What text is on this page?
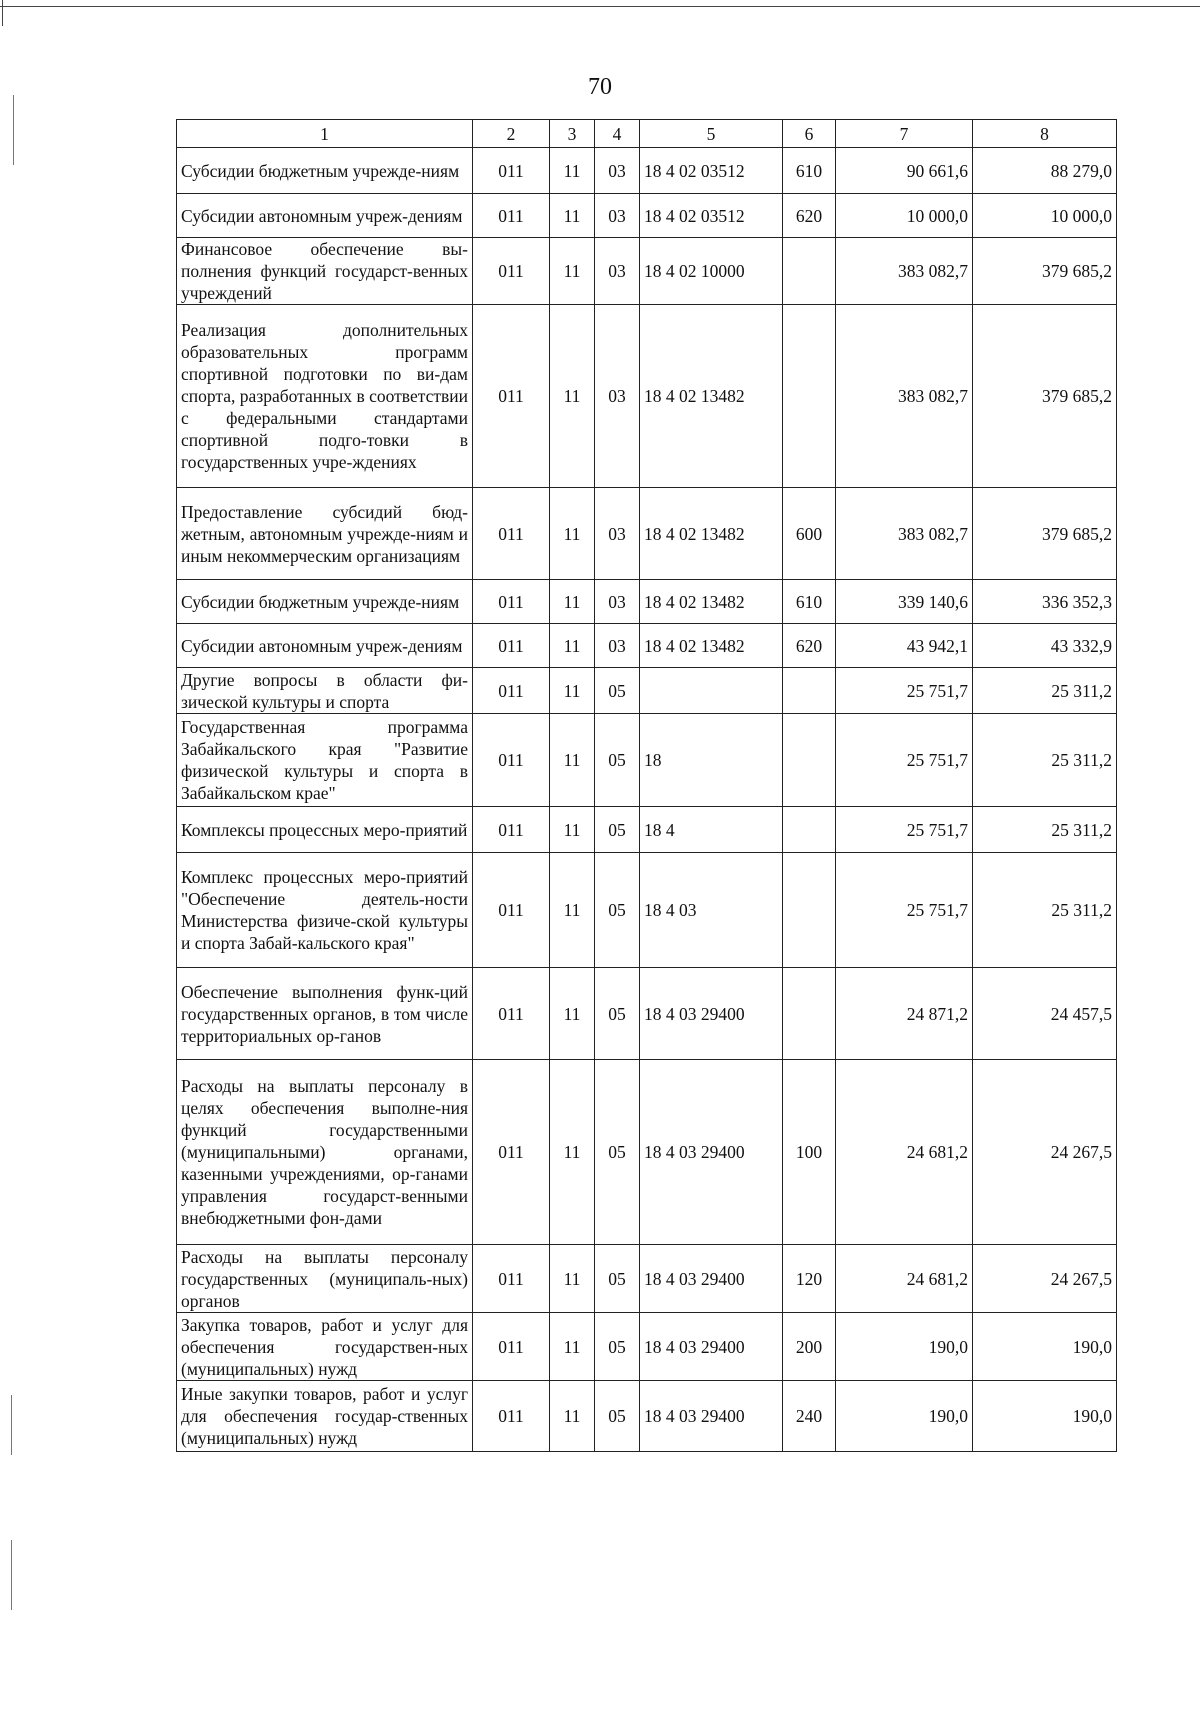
70
1	2	3	4	5	6	7	8
Субсидии бюджетным учрежде-ниям	011	11	03	18 4 02 03512	610	90 661,6	88 279,0
Субсидии автономным учреж-дениям	011	11	03	18 4 02 03512	620	10 000,0	10 000,0
Финансовое обеспечение вы-полнения функций государст-венных учреждений	011	11	03	18 4 02 10000		383 082,7	379 685,2
Реализация дополнительных образовательных программ спортивной подготовки по ви-дам спорта, разработанных в соответствии с федеральными стандартами спортивной подго-товки в государственных учре-ждениях	011	11	03	18 4 02 13482		383 082,7	379 685,2
Предоставление субсидий бюд-жетным, автономным учрежде-ниям и иным некоммерческим организациям	011	11	03	18 4 02 13482	600	383 082,7	379 685,2
Субсидии бюджетным учрежде-ниям	011	11	03	18 4 02 13482	610	339 140,6	336 352,3
Субсидии автономным учреж-дениям	011	11	03	18 4 02 13482	620	43 942,1	43 332,9
Другие вопросы в области фи-зической культуры и спорта	011	11	05			25 751,7	25 311,2
Государственная программа Забайкальского края "Развитие физической культуры и спорта в Забайкальском крае"	011	11	05	18		25 751,7	25 311,2
Комплексы процессных меро-приятий	011	11	05	18 4		25 751,7	25 311,2
Комплекс процессных меро-приятий "Обеспечение деятель-ности Министерства физиче-ской культуры и спорта Забай-кальского края"	011	11	05	18 4 03		25 751,7	25 311,2
Обеспечение выполнения функ-ций государственных органов, в том числе территориальных ор-ганов	011	11	05	18 4 03 29400		24 871,2	24 457,5
Расходы на выплаты персоналу в целях обеспечения выполне-ния функций государственными (муниципальными) органами, казенными учреждениями, ор-ганами управления государст-венными внебюджетными фон-дами	011	11	05	18 4 03 29400	100	24 681,2	24 267,5
Расходы на выплаты персоналу государственных (муниципаль-ных) органов	011	11	05	18 4 03 29400	120	24 681,2	24 267,5
Закупка товаров, работ и услуг для обеспечения государствен-ных (муниципальных) нужд	011	11	05	18 4 03 29400	200	190,0	190,0
Иные закупки товаров, работ и услуг для обеспечения государ-ственных (муниципальных) нужд	011	11	05	18 4 03 29400	240	190,0	190,0
